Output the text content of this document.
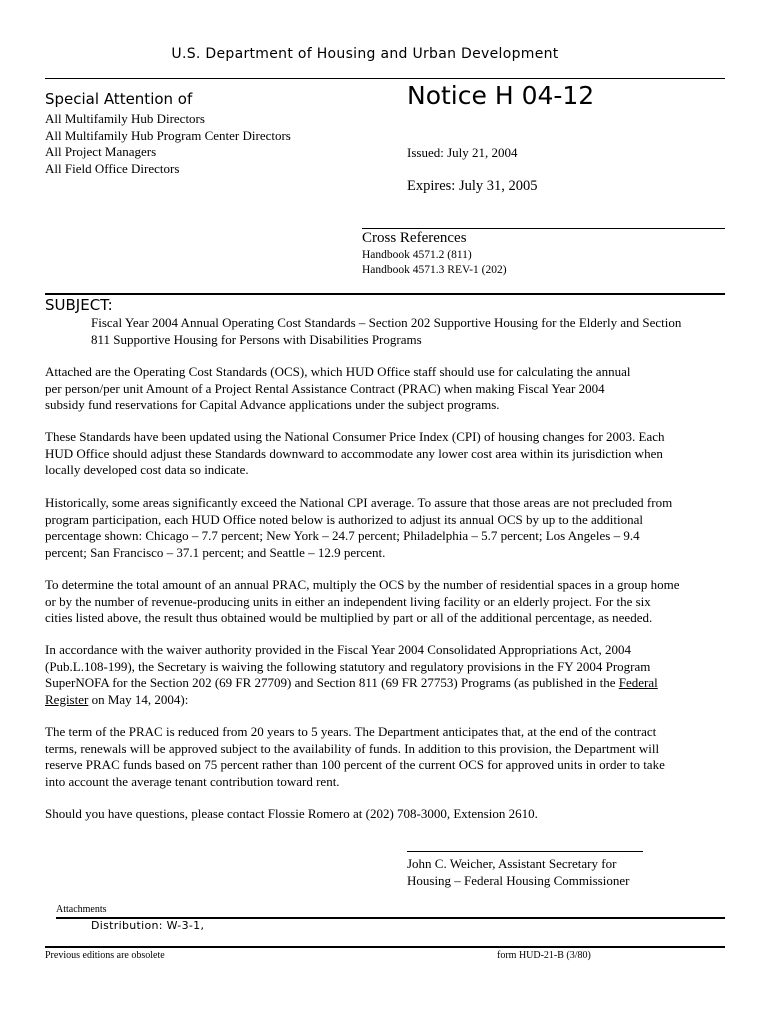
U.S. Department of Housing and Urban Development
Special Attention of
All Multifamily Hub Directors
All Multifamily Hub Program Center Directors
All Project Managers
All Field Office Directors
Notice H 04-12
Issued: July 21, 2004
Expires: July 31, 2005
Cross References
Handbook 4571.2 (811)
Handbook 4571.3 REV-1 (202)
SUBJECT:
Fiscal Year 2004 Annual Operating Cost Standards – Section 202 Supportive Housing for the Elderly and Section
811 Supportive Housing for Persons with Disabilities Programs
Attached are the Operating Cost Standards (OCS), which HUD Office staff should use for calculating the annual
per person/per unit Amount of a Project Rental Assistance Contract (PRAC) when making Fiscal Year 2004
subsidy fund reservations for Capital Advance applications under the subject programs.
These Standards have been updated using the National Consumer Price Index (CPI) of housing changes for 2003. Each
HUD Office should adjust these Standards downward to accommodate any lower cost area within its jurisdiction when
locally developed cost data so indicate.
Historically, some areas significantly exceed the National CPI average. To assure that those areas are not precluded from
program participation, each HUD Office noted below is authorized to adjust its annual OCS by up to the additional
percentage shown: Chicago – 7.7 percent; New York – 24.7 percent; Philadelphia – 5.7 percent; Los Angeles – 9.4
percent; San Francisco – 37.1 percent; and Seattle – 12.9 percent.
To determine the total amount of an annual PRAC, multiply the OCS by the number of residential spaces in a group home
or by the number of revenue-producing units in either an independent living facility or an elderly project. For the six
cities listed above, the result thus obtained would be multiplied by part or all of the additional percentage, as needed.
In accordance with the waiver authority provided in the Fiscal Year 2004 Consolidated Appropriations Act, 2004
(Pub.L.108-199), the Secretary is waiving the following statutory and regulatory provisions in the FY 2004 Program
SuperNOFA for the Section 202 (69 FR 27709) and Section 811 (69 FR 27753) Programs (as published in the Federal
Register on May 14, 2004):
The term of the PRAC is reduced from 20 years to 5 years. The Department anticipates that, at the end of the contract
terms, renewals will be approved subject to the availability of funds. In addition to this provision, the Department will
reserve PRAC funds based on 75 percent rather than 100 percent of the current OCS for approved units in order to take
into account the average tenant contribution toward rent.
Should you have questions, please contact Flossie Romero at (202) 708-3000, Extension 2610.
John C. Weicher, Assistant Secretary for
Housing – Federal Housing Commissioner
Attachments
Distribution: W-3-1,
Previous editions are obsolete	form HUD-21-B (3/80)
